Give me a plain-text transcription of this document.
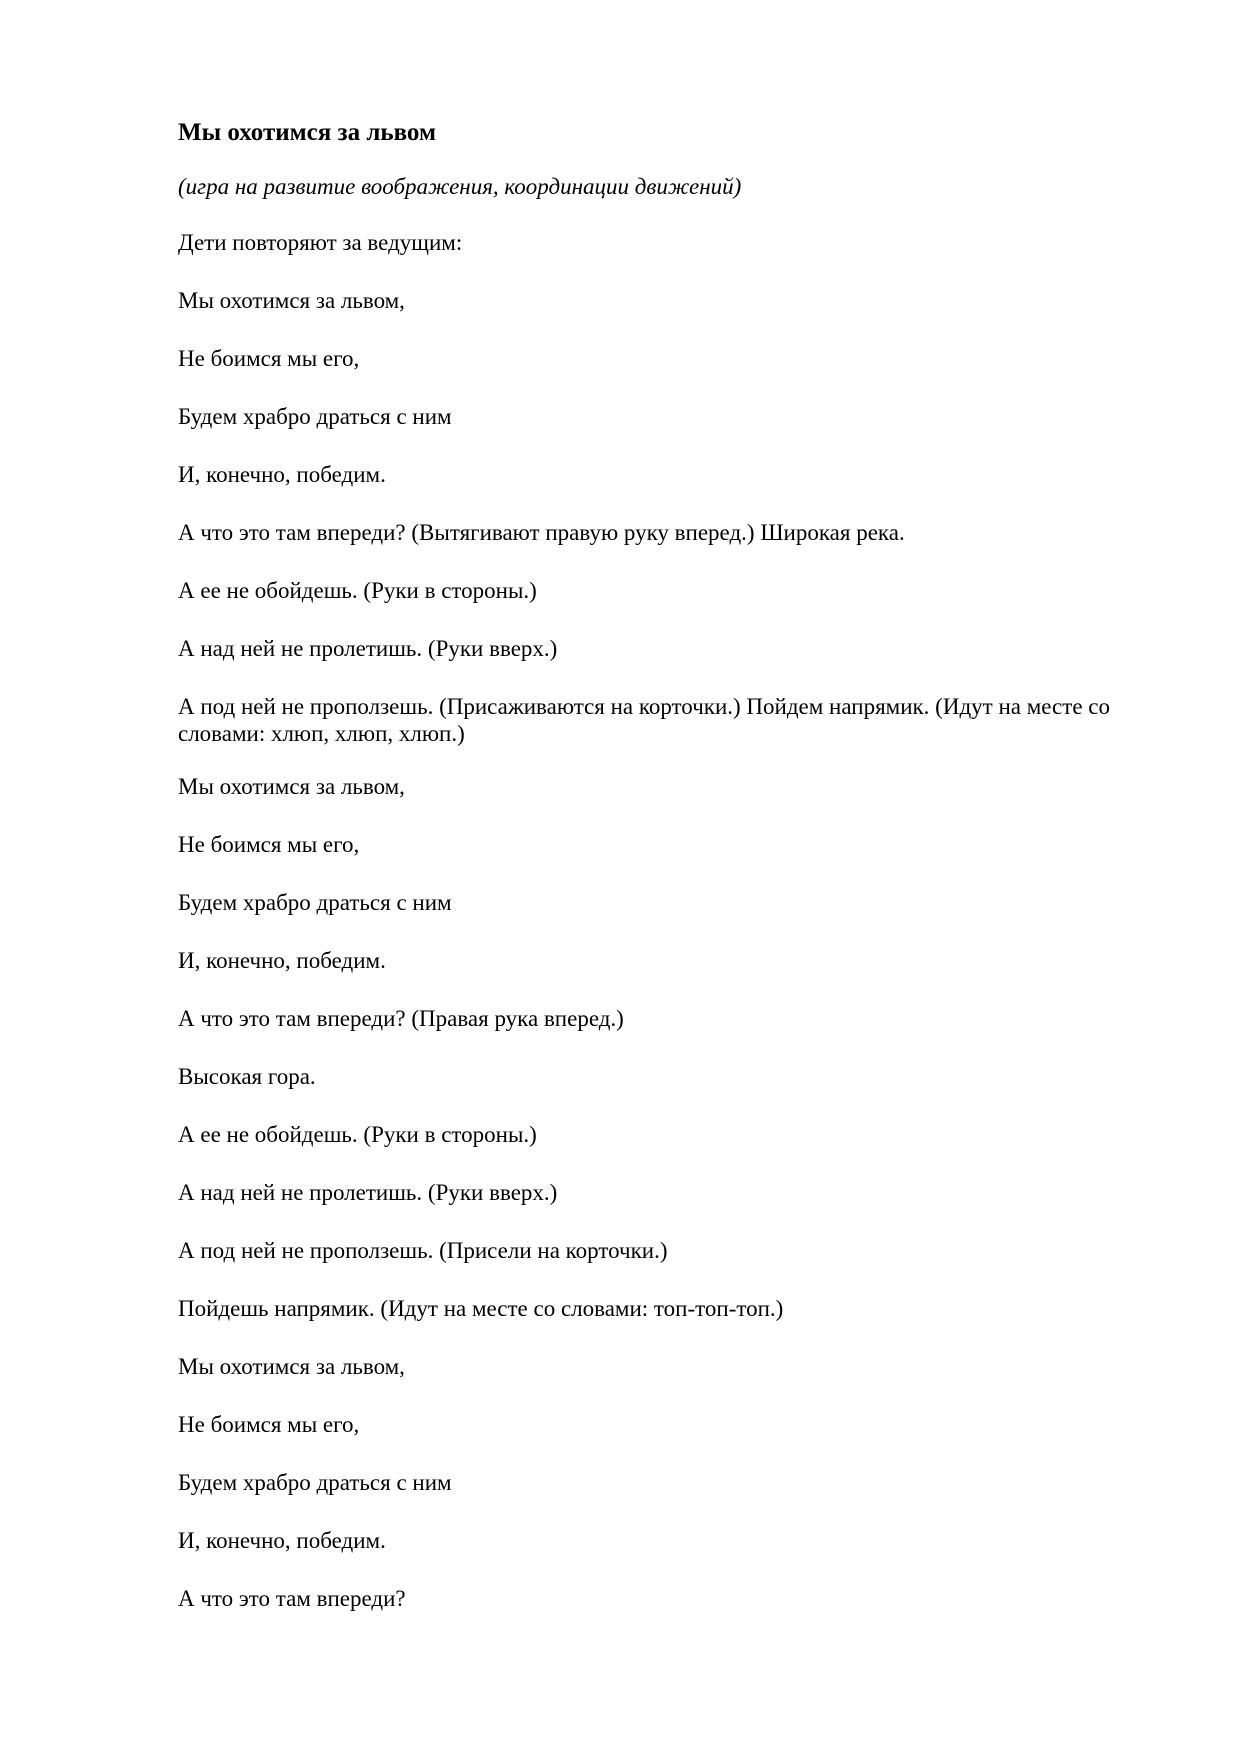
Мы охотимся за львом
(игра на развитие воображения, координации движений)
Дети повторяют за ведущим:
Мы охотимся за львом,
Не боимся мы его,
Будем храбро драться с ним
И, конечно, победим.
А что это там впереди? (Вытягивают правую руку вперед.) Широкая река.
А ее не обойдешь. (Руки в стороны.)
А над ней не пролетишь. (Руки вверх.)
А под ней не проползешь. (Присаживаются на корточки.) Пойдем напрямик. (Идут на месте со словами: хлюп, хлюп, хлюп.)
Мы охотимся за львом,
Не боимся мы его,
Будем храбро драться с ним
И, конечно, победим.
А что это там впереди? (Правая рука вперед.)
Высокая гора.
А ее не обойдешь. (Руки в стороны.)
А над ней не пролетишь. (Руки вверх.)
А под ней не проползешь. (Присели на корточки.)
Пойдешь напрямик. (Идут на месте со словами: топ-топ-топ.)
Мы охотимся за львом,
Не боимся мы его,
Будем храбро драться с ним
И, конечно, победим.
А что это там впереди?
